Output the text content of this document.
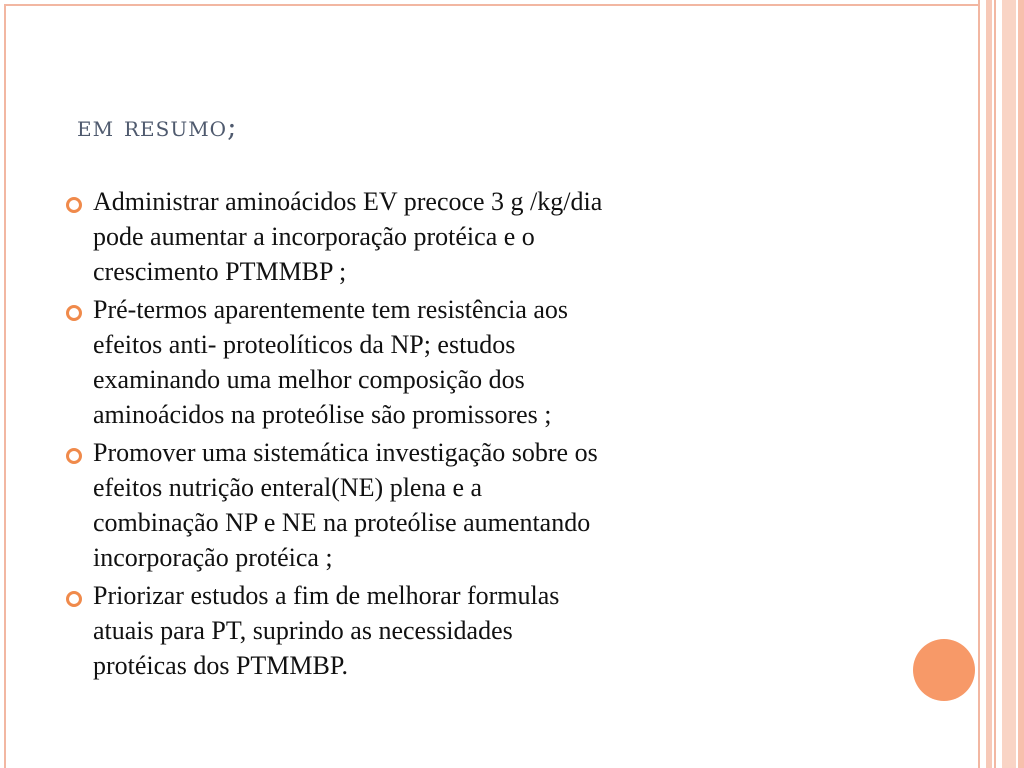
em resumo;
Administrar aminoácidos EV precoce 3 g /kg/dia
pode aumentar a incorporação protéica e o
crescimento PTMMBP ;
Pré-termos aparentemente tem resistência aos
efeitos anti- proteolíticos da NP; estudos
examinando uma melhor composição dos
aminoácidos na proteólise são promissores ;
Promover uma sistemática investigação sobre os
efeitos nutrição enteral(NE) plena e a
combinação NP e NE na proteólise aumentando
incorporação protéica ;
Priorizar estudos a fim de melhorar formulas
atuais para PT, suprindo as necessidades
protéicas dos PTMMBP.
